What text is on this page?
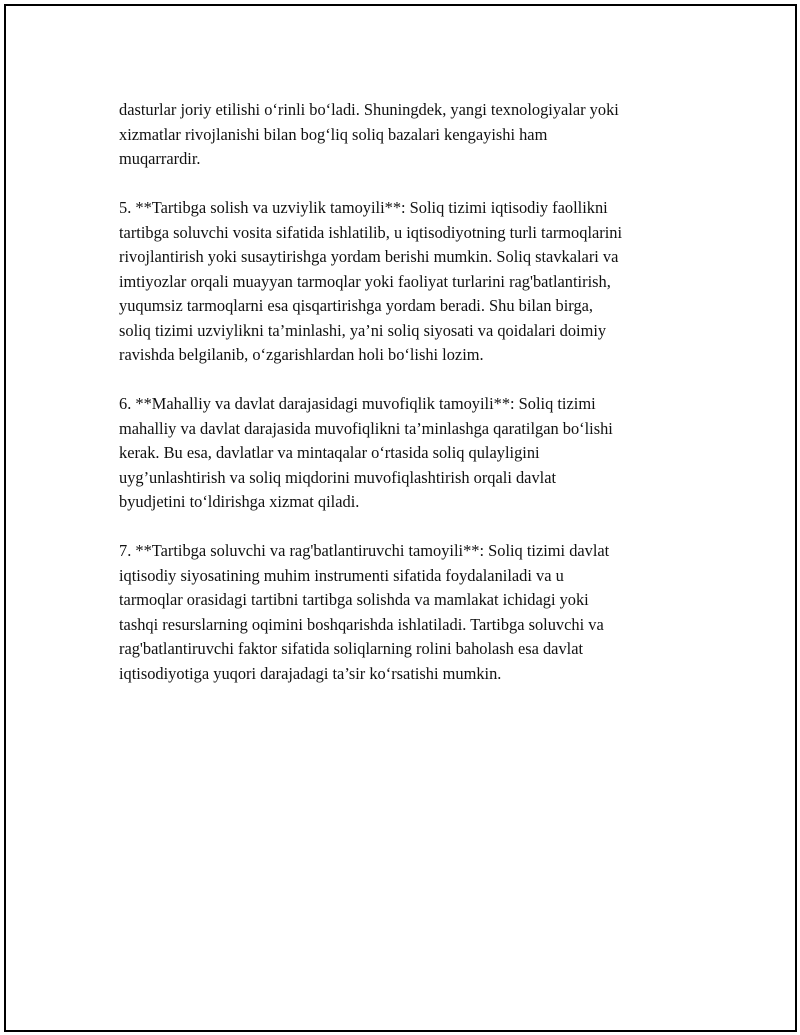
dasturlar joriy etilishi o‘rinli bo‘ladi. Shuningdek, yangi texnologiyalar yoki
xizmatlar rivojlanishi bilan bog‘liq soliq bazalari kengayishi ham
muqarrardir.

5. **Tartibga solish va uzviylik tamoyili**: Soliq tizimi iqtisodiy faollikni
tartibga soluvchi vosita sifatida ishlatilib, u iqtisodiyotning turli tarmoqlarini
rivojlantirish yoki susaytirishga yordam berishi mumkin. Soliq stavkalari va
imtiyozlar orqali muayyan tarmoqlar yoki faoliyat turlarini rag'batlantirish,
yuqumsiz tarmoqlarni esa qisqartirishga yordam beradi. Shu bilan birga,
soliq tizimi uzviylikni ta’minlashi, ya’ni soliq siyosati va qoidalari doimiy
ravishda belgilanib, o‘zgarishlardan holi bo‘lishi lozim.

6. **Mahalliy va davlat darajasidagi muvofiqlik tamoyili**: Soliq tizimi
mahalliy va davlat darajasida muvofiqlikni ta’minlashga qaratilgan bo‘lishi
kerak. Bu esa, davlatlar va mintaqalar o‘rtasida soliq qulayligini
uyg’unlashtirish va soliq miqdorini muvofiqlashtirish orqali davlat
byudjetini to‘ldirishga xizmat qiladi.

7. **Tartibga soluvchi va rag'batlantiruvchi tamoyili**: Soliq tizimi davlat
iqtisodiy siyosatining muhim instrumenti sifatida foydalaniladi va u
tarmoqlar orasidagi tartibni tartibga solishda va mamlakat ichidagi yoki
tashqi resurslarning oqimini boshqarishda ishlatiladi. Tartibga soluvchi va
rag'batlantiruvchi faktor sifatida soliqlarning rolini baholash esa davlat
iqtisodiyotiga yuqori darajadagi ta’sir ko‘rsatishi mumkin.
